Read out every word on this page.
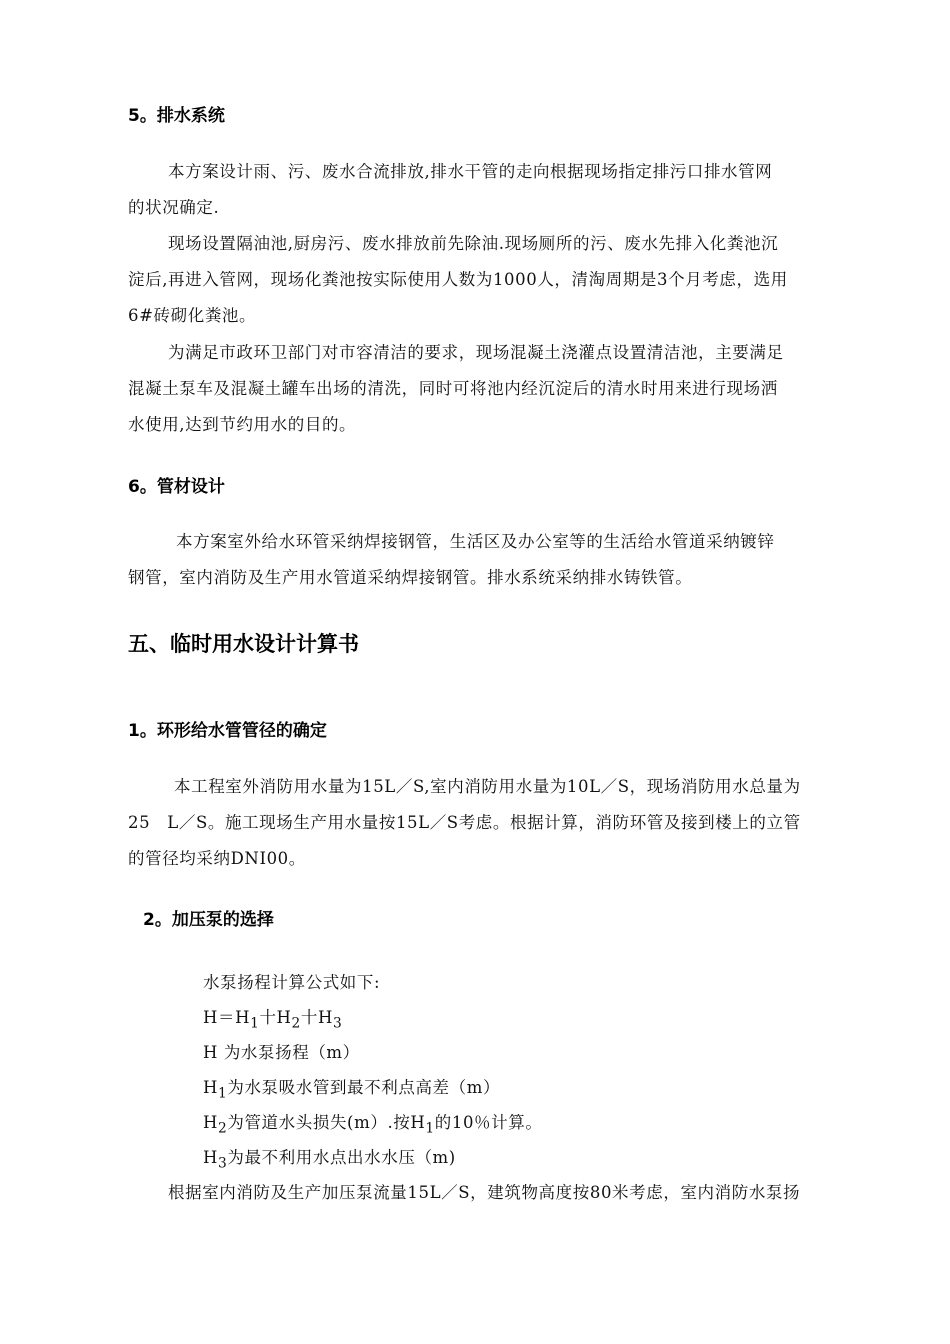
5。排水系统
本方案设计雨、污、废水合流排放,排水干管的走向根据现场指定排污口排水管网
的状况确定.
现场设置隔油池,厨房污、废水排放前先除油.现场厕所的污、废水先排入化粪池沉
淀后,再进入管网，现场化粪池按实际使用人数为1000人，清淘周期是3个月考虑，选用
6#砖砌化粪池。
为满足市政环卫部门对市容清洁的要求，现场混凝土浇灌点设置清洁池，主要满足
混凝土泵车及混凝土罐车出场的清洗，同时可将池内经沉淀后的清水时用来进行现场洒
水使用,达到节约用水的目的。
6。管材设计
本方案室外给水环管采纳焊接钢管，生活区及办公室等的生活给水管道采纳镀锌
钢管，室内消防及生产用水管道采纳焊接钢管。排水系统采纳排水铸铁管。
五、临时用水设计计算书
1。环形给水管管径的确定
本工程室外消防用水量为15L／S,室内消防用水量为10L／S，现场消防用水总量为
25　L／S。施工现场生产用水量按15L／S考虑。根据计算，消防环管及接到楼上的立管
的管径均采纳DNI00。
2。加压泵的选择
水泵扬程计算公式如下:
$H=H_1$十$H_2$十$H_3$
H 为水泵扬程（m）
$H_1$为水泵吸水管到最不利点高差（m）
$H_2$为管道水头损失(m）.按$H_1$的10％计算。
$H_3$为最不利用水点出水水压（m)
根据室内消防及生产加压泵流量15L／S，建筑物高度按80米考虑，室内消防水泵扬
